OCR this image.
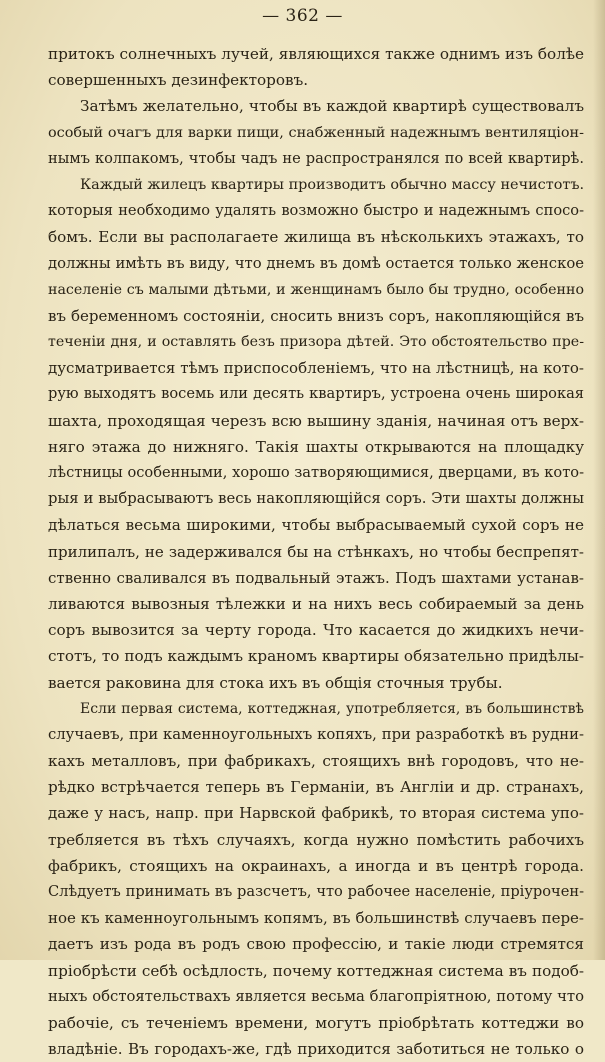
— 362 —
притокъ солнечныхъ лучей, являющихся также однимъ изъ болѣе
совершенныхъ дезинфекторовъ.
Затѣмъ желательно, чтобы въ каждой квартирѣ существовалъ
особый очагъ для варки пищи, снабженный надежнымъ вентиляціон-
нымъ колпакомъ, чтобы чадъ не распространялся по всей квартирѣ.
Каждый жилецъ квартиры производитъ обычно массу нечистотъ.
которыя необходимо удалять возможно быстро и надежнымъ спосо-
бомъ. Если вы располагаете жилища въ нѣсколькихъ этажахъ, то
должны имѣть въ виду, что днемъ въ домѣ остается только женское
населеніе съ малыми дѣтьми, и женщинамъ было бы трудно, особенно
въ беременномъ состояніи, сносить внизъ соръ, накопляющійся въ
теченіи дня, и оставлять безъ призора дѣтей. Это обстоятельство пре-
дусматривается тѣмъ приспособленіемъ, что на лѣстницѣ, на кото-
рую выходятъ восемь или десять квартиръ, устроена очень широкая
шахта, проходящая черезъ всю вышину зданія, начиная отъ верх-
няго этажа до нижняго. Такія шахты открываются на площадку
лѣстницы особенными, хорошо затворяющимися, дверцами, въ кото-
рыя и выбрасываютъ весь накопляющійся соръ. Эти шахты должны
дѣлаться весьма широкими, чтобы выбрасываемый сухой соръ не
прилипалъ, не задерживался бы на стѣнкахъ, но чтобы беспрепят-
ственно сваливался въ подвальный этажъ. Подъ шахтами устанав-
ливаются вывозныя тѣлежки и на нихъ весь собираемый за день
соръ вывозится за черту города. Что касается до жидкихъ нечи-
стотъ, то подъ каждымъ краномъ квартиры обязательно придѣлы-
вается раковина для стока ихъ въ общія сточныя трубы.
Если первая система, коттеджная, употребляется, въ большинствѣ
случаевъ, при каменноугольныхъ копяхъ, при разработкѣ въ рудни-
кахъ металловъ, при фабрикахъ, стоящихъ внѣ городовъ, что не-
рѣдко встрѣчается теперь въ Германіи, въ Англіи и др. странахъ,
даже у насъ, напр. при Нарвской фабрикѣ, то вторая система упо-
требляется въ тѣхъ случаяхъ, когда нужно помѣстить рабочихъ
фабрикъ, стоящихъ на окраинахъ, а иногда и въ центрѣ города.
Слѣдуетъ принимать въ разсчетъ, что рабочее населеніе, пріурочен-
ное къ каменноугольнымъ копямъ, въ большинствѣ случаевъ пере-
даетъ изъ рода въ родъ свою профессію, и такіе люди стремятся
пріобрѣсти себѣ осѣдлость, почему коттеджная система въ подоб-
ныхъ обстоятельствахъ является весьма благопріятною, потому что
рабочіе, съ теченіемъ времени, могутъ пріобрѣтать коттеджи во
владѣніе. Въ городахъ-же, гдѣ приходится заботиться не только о
